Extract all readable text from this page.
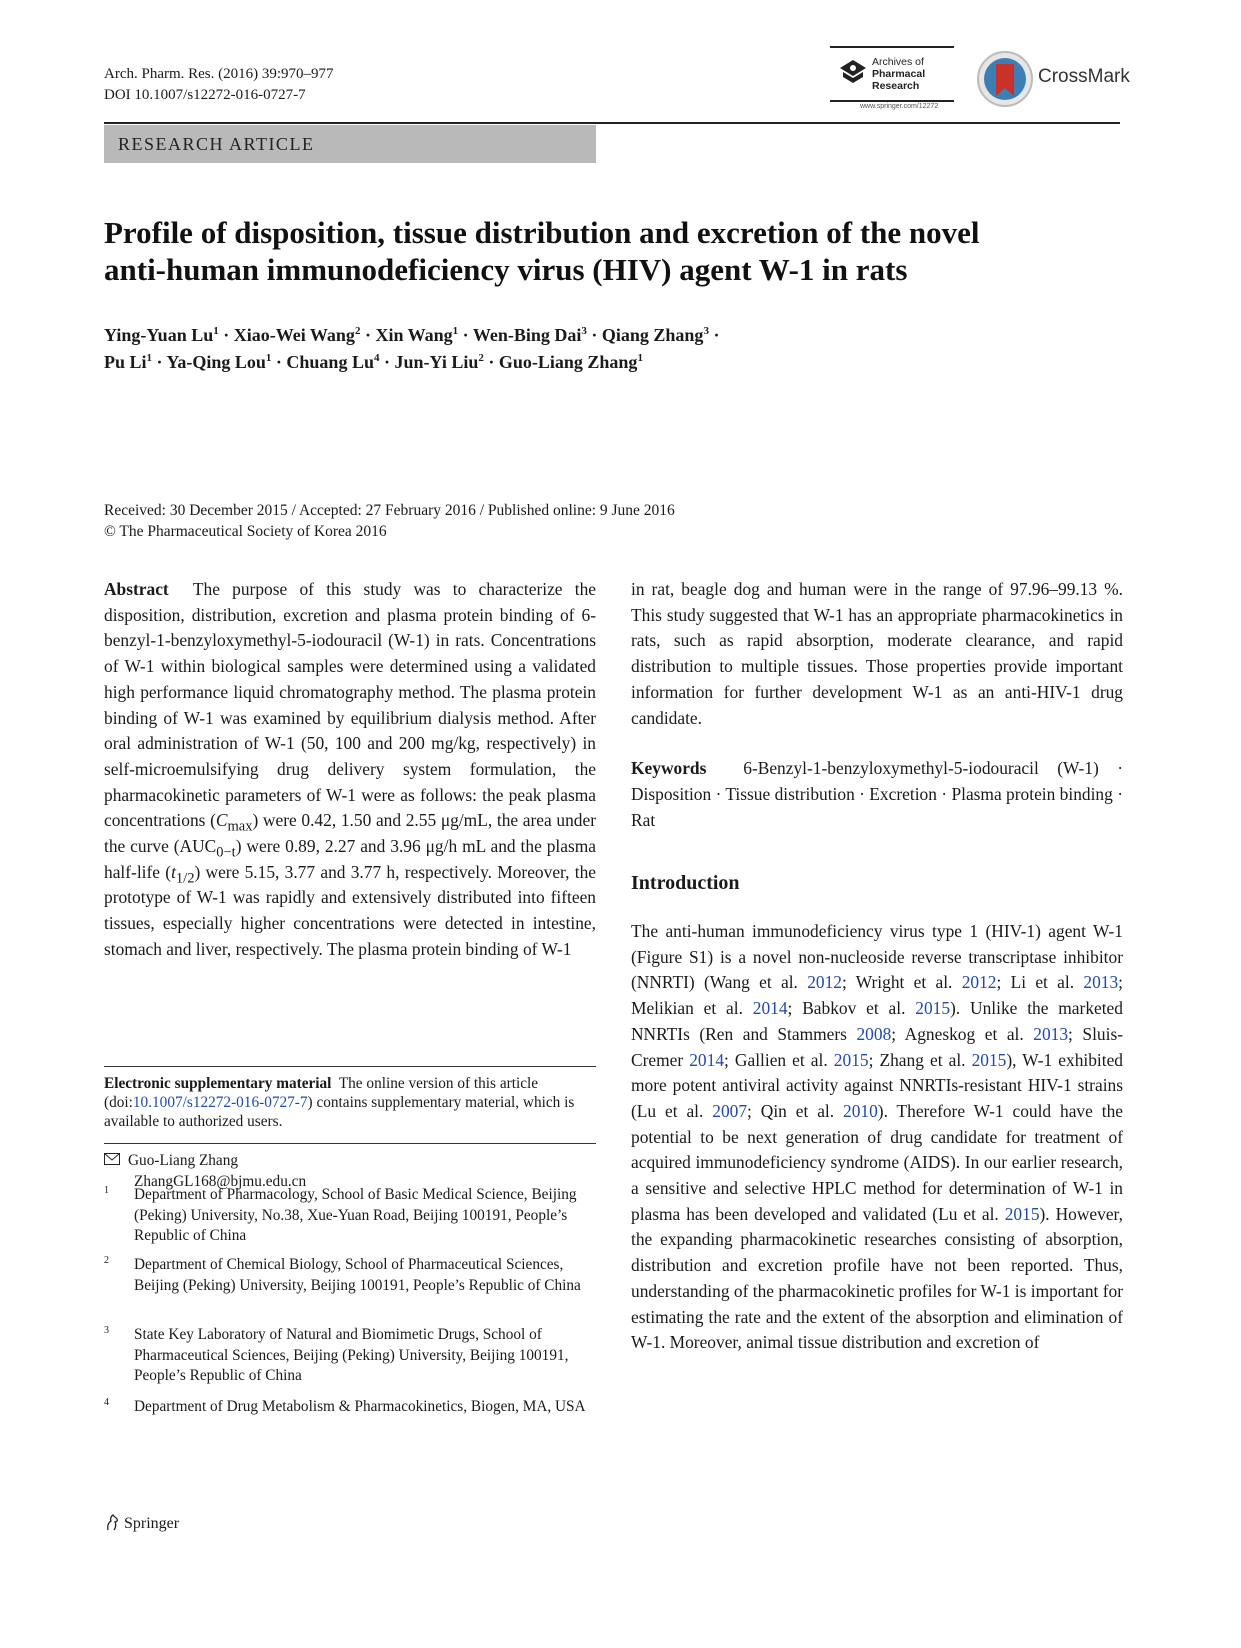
Arch. Pharm. Res. (2016) 39:970–977
DOI 10.1007/s12272-016-0727-7
Archives of
Pharmacal
Research
www.springer.com/12272
CrossMark
RESEARCH ARTICLE
Profile of disposition, tissue distribution and excretion of the novel
anti-human immunodeficiency virus (HIV) agent W-1 in rats
Ying-Yuan $Lu^1$ · Xiao-Wei Wang$^2$ · Xin Wang$^1$ · Wen-Bing Dai$^3$ · Qiang Zhang$^3$ ·
Pu $Li^1$ · Ya-Qing Lou$^1$ · Chuang $Lu^4 \cdot Jun-Yi$ Liu$^2$ · Guo-Liang Zhang$^1$
Received: 30 December 2015 / Accepted: 27 February 2016 / Published online: 9 June 2016
© The Pharmaceutical Society of Korea 2016

Abstract The purpose of this study was to characterize the disposition, distribution, excretion and plasma protein binding of 6-benzyl-1-benzyloxymethyl-5-iodouracil (W-1) in rats. Concentrations of W-1 within biological samples were determined using a validated high performance liquid chromatography method. The plasma protein binding of W-1 was examined by equilibrium dialysis method. After oral administration of W-1 (50, 100 and 200 mg/kg, respectively) in self-microemulsifying drug delivery system formulation, the pharmacokinetic parameters of W-1 were as follows: the peak plasma concentrations $(C_{max})$ were 0.42, 1.50 and 2.55 μg/mL, the area under the curve $(AUC_{0-t})$ were 0.89, 2.27 and 3.96 μg/h mL and the plasma half-life $(t_{1/2})$ were 5.15, 3.77 and 3.77 h, respectively. Moreover, the prototype of W-1 was rapidly and extensively distributed into fifteen tissues, especially higher concentrations were detected in intestine, stomach and liver, respectively. The plasma protein binding of W-1

Electronic supplementary material The online version of this article (doi:10.1007/s12272-016-0727-7) contains supplementary material, which is available to authorized users.
Guo-Liang Zhang
ZhangGL168@bjmu.edu.cn
1 Department of Pharmacology, School of Basic Medical Science, Beijing (Peking) University, No.38, Xue-Yuan Road, Beijing 100191, People’s Republic of China
2 Department of Chemical Biology, School of Pharmaceutical Sciences, Beijing (Peking) University, Beijing 100191, People’s Republic of China
3 State Key Laboratory of Natural and Biomimetic Drugs, School of Pharmaceutical Sciences, Beijing (Peking) University, Beijing 100191, People’s Republic of China
4 Department of Drug Metabolism & Pharmacokinetics, Biogen, MA, USA

in rat, beagle dog and human were in the range of 97.96–99.13 %. This study suggested that W-1 has an appropriate pharmacokinetics in rats, such as rapid absorption, moderate clearance, and rapid distribution to multiple tissues. Those properties provide important information for further development W-1 as an anti-HIV-1 drug candidate.

Keywords 6-Benzyl-1-benzyloxymethyl-5-iodouracil (W-1) · Disposition · Tissue distribution · Excretion · Plasma protein binding · Rat

Introduction

The anti-human immunodeficiency virus type 1 (HIV-1) agent W-1 (Figure S1) is a novel non-nucleoside reverse transcriptase inhibitor (NNRTI) (Wang et al. 2012; Wright et al. 2012; Li et al. 2013; Melikian et al. 2014; Babkov et al. 2015). Unlike the marketed NNRTIs (Ren and Stammers 2008; Agneskog et al. 2013; Sluis-Cremer 2014; Gallien et al. 2015; Zhang et al. 2015), W-1 exhibited more potent antiviral activity against NNRTIs-resistant HIV-1 strains (Lu et al. 2007; Qin et al. 2010). Therefore W-1 could have the potential to be next generation of drug candidate for treatment of acquired immunodeficiency syndrome (AIDS). In our earlier research, a sensitive and selective HPLC method for determination of W-1 in plasma has been developed and validated (Lu et al. 2015). However, the expanding pharmacokinetic researches consisting of absorption, distribution and excretion profile have not been reported. Thus, understanding of the pharmacokinetic profiles for W-1 is important for estimating the rate and the extent of the absorption and elimination of W-1. Moreover, animal tissue distribution and excretion of

Springer
